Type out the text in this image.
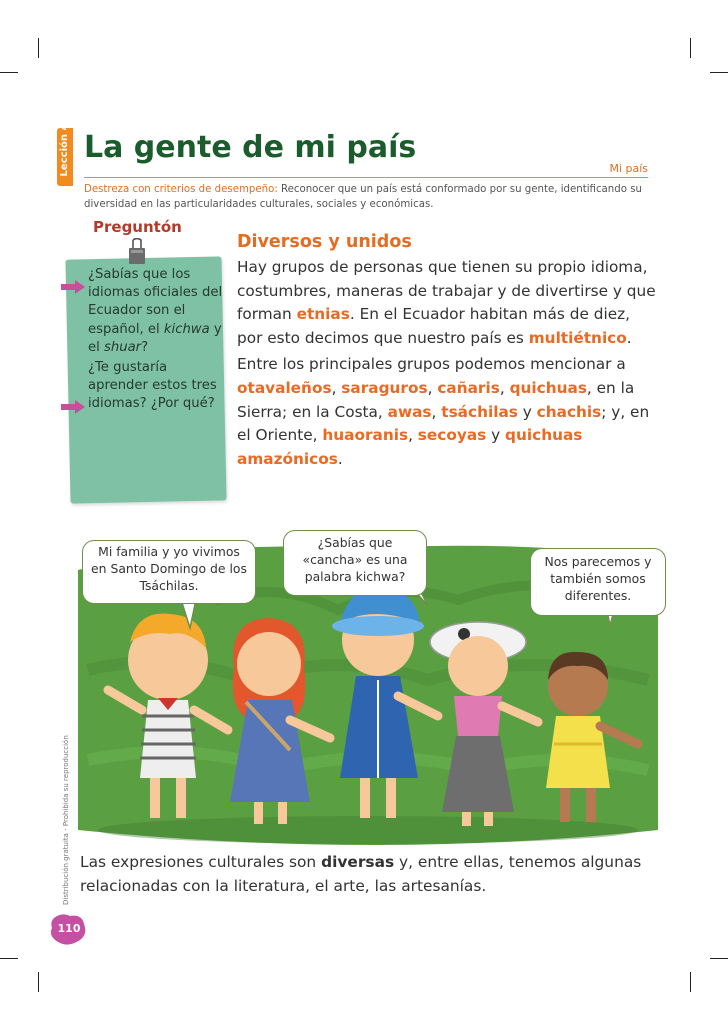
Lección 4 La gente de mi país
Mi país
Destreza con criterios de desempeño: Reconocer que un país está conformado por su gente, identificando su diversidad en las particularidades culturales, sociales y económicas.
Preguntón

¿Sabías que los idiomas oficiales del Ecuador son el español, el kichwa y el shuar?

¿Te gustaría aprender estos tres idiomas? ¿Por qué?

Diversos y unidos

Hay grupos de personas que tienen su propio idioma, costumbres, maneras de trabajar y de divertirse y que forman etnias. En el Ecuador habitan más de diez, por esto decimos que nuestro país es multiétnico.

Entre los principales grupos podemos mencionar a otavaleños, saraguros, cañaris, quichuas, en la Sierra; en la Costa, awas, tsáchilas y chachis; y, en el Oriente, huaoranis, secoyas y quichuas amazónicos.

Mi familia y yo vivimos en Santo Domingo de los Tsáchilas.
¿Sabías que «cancha» es una palabra kichwa?
Nos parecemos y también somos diferentes.

Las expresiones culturales son diversas y, entre ellas, tenemos algunas relacionadas con la literatura, el arte, las artesanías.

Distribución gratuita - Prohibida su reproducción
110
